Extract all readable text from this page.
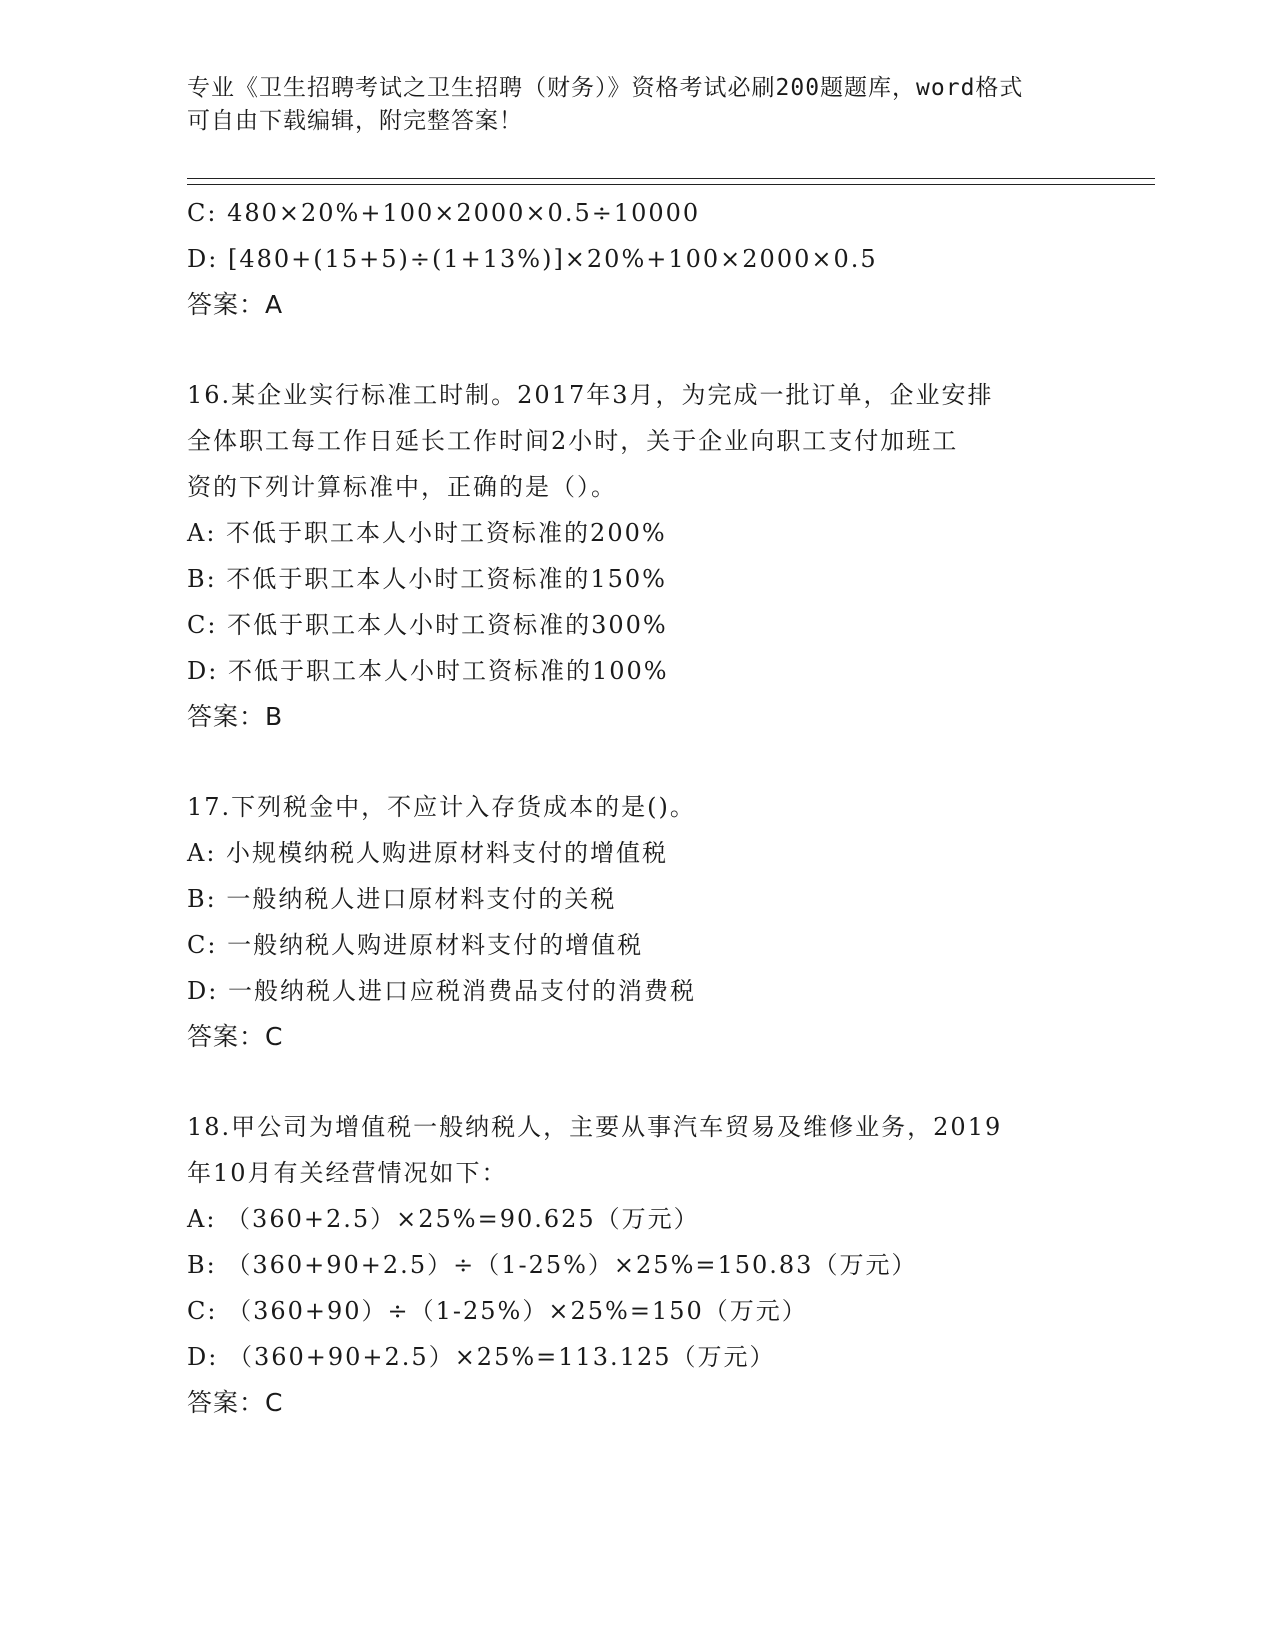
专业《卫生招聘考试之卫生招聘（财务）》资格考试必刷200题题库，word格式
可自由下载编辑，附完整答案！
C: 480×20%+100×2000×0.5÷10000
D: [480+(15+5)÷(1+13%)]×20%+100×2000×0.5
答案：A
16.某企业实行标准工时制。2017年3月，为完成一批订单，企业安排
全体职工每工作日延长工作时间2小时，关于企业向职工支付加班工
资的下列计算标准中，正确的是（）。
A: 不低于职工本人小时工资标准的200%
B: 不低于职工本人小时工资标准的150%
C: 不低于职工本人小时工资标准的300%
D: 不低于职工本人小时工资标准的100%
答案：B
17.下列税金中，不应计入存货成本的是()。
A: 小规模纳税人购进原材料支付的增值税
B: 一般纳税人进口原材料支付的关税
C: 一般纳税人购进原材料支付的增值税
D: 一般纳税人进口应税消费品支付的消费税
答案：C
18.甲公司为增值税一般纳税人，主要从事汽车贸易及维修业务，2019
年10月有关经营情况如下：
A: （360+2.5）×25%=90.625（万元）
B: （360+90+2.5）÷（1-25%）×25%=150.83（万元）
C: （360+90）÷（1-25%）×25%=150（万元）
D: （360+90+2.5）×25%=113.125（万元）
答案：C
